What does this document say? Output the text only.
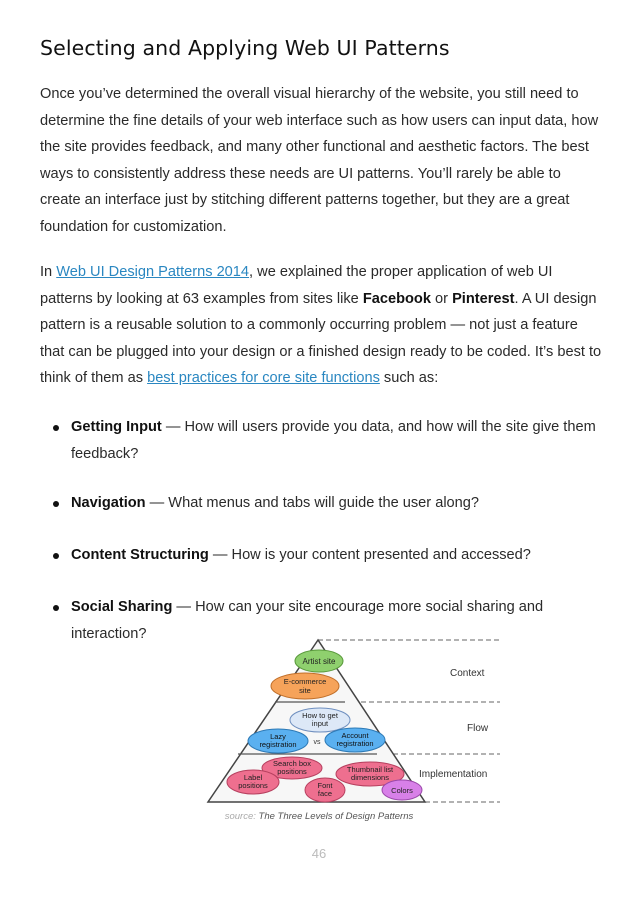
Selecting and Applying Web UI Patterns

Once you’ve determined the overall visual hierarchy of the website, you still need to determine the fine details of your web interface such as how users can input data, how the site provides feedback, and many other functional and aesthetic factors. The best ways to consistently address these needs are UI patterns. You’ll rarely be able to create an interface just by stitching different patterns together, but they are a great foundation for customization.

In Web UI Design Patterns 2014, we explained the proper application of web UI patterns by looking at 63 examples from sites like Facebook or Pinterest. A UI design pattern is a reusable solution to a commonly occurring problem — not just a feature that can be plugged into your design or a finished design ready to be coded. It’s best to think of them as best practices for core site functions such as:

Getting Input — How will users provide you data, and how will the site give them feedback?
Navigation — What menus and tabs will guide the user along?
Content Structuring — How is your content presented and accessed?
Social Sharing — How can your site encourage more social sharing and interaction?
Artist site
E-commerce
site
How to get
input
Lazy
registration vs
Account
registration
Search box
positions
Label
positions	Font
face
Thumbnail list
dimensions
Colors
Context
Flow
Implementation
source: The Three Levels of Design Patterns
46
